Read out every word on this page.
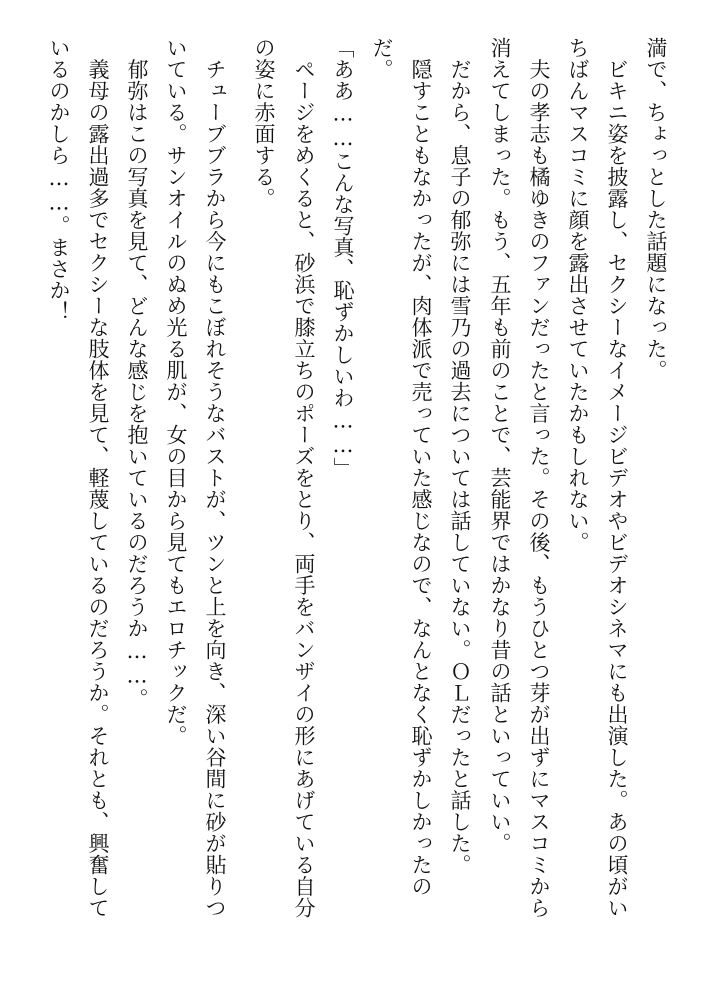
満で、ちょっとした話題になった。
　ビキニ姿を披露し、セクシーなイメージビデオやビデオシネマにも出演した。あの頃がい
ちばんマスコミに顔を露出させていたかもしれない。
　夫の孝志も橘ゆきのファンだったと言った。その後、もうひとつ芽が出ずにマスコミから
消えてしまった。もう、五年も前のことで、芸能界ではかなり昔の話といっていい。
　だから、息子の郁弥には雪乃の過去については話していない。ＯＬだったと話した。
　隠すこともなかったが、肉体派で売っていた感じなので、なんとなく恥ずかしかったの
だ。
「ああ……こんな写真、恥ずかしいわ……」
　ページをめくると、砂浜で膝立ちのポーズをとり、両手をバンザイの形にあげている自分
の姿に赤面する。
　チューブブラから今にもこぼれそうなバストが、ツンと上を向き、深い谷間に砂が貼りつ
いている。サンオイルのぬめ光る肌が、女の目から見てもエロチックだ。
　郁弥はこの写真を見て、どんな感じを抱いているのだろうか……。
　義母の露出過多でセクシーな肢体を見て、軽蔑しているのだろうか。それとも、興奮して
いるのかしら……。まさか！
